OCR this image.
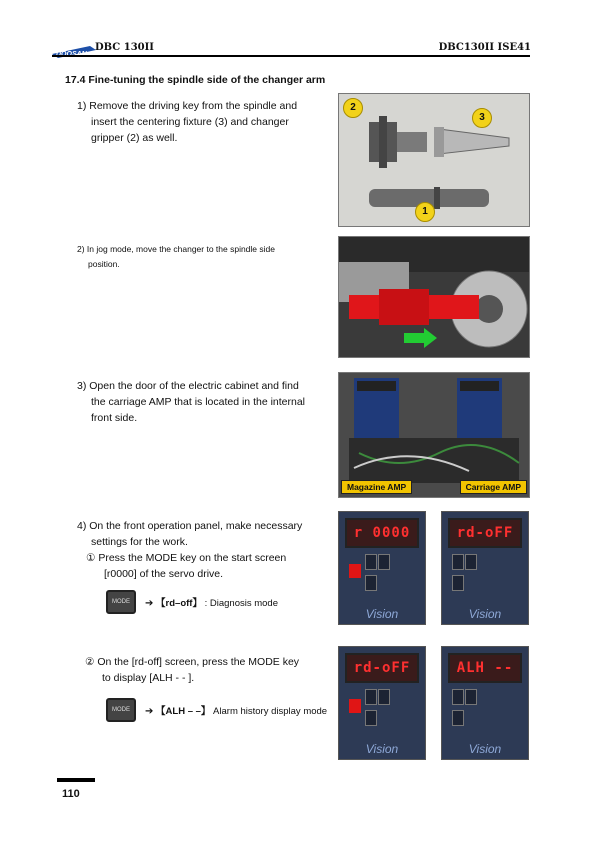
DBC 130II	DBC130II ISE41
17.4 Fine-tuning the spindle side of the changer arm
1) Remove the driving key from the spindle and
insert the centering fixture (3) and changer
gripper (2) as well.
2
3
1
2) In jog mode, move the changer to the spindle side
position.
3) Open the door of the electric cabinet and find
the carriage AMP that is located in the internal
front side.
Magazine AMP	Carriage AMP
4) On the front operation panel, make necessary
settings for the work.
① Press the MODE key on the start screen
[r0000] of the servo drive.
MODE	➔ 【rd–off】 : Diagnosis mode
r 0000
Vision
rd-oFF
Vision
② On the [rd-off] screen, press the MODE key
to display [ALH - - ].
MODE	➔ 【ALH – –】 Alarm history display mode
rd-oFF
Vision
ALH --
Vision
110
